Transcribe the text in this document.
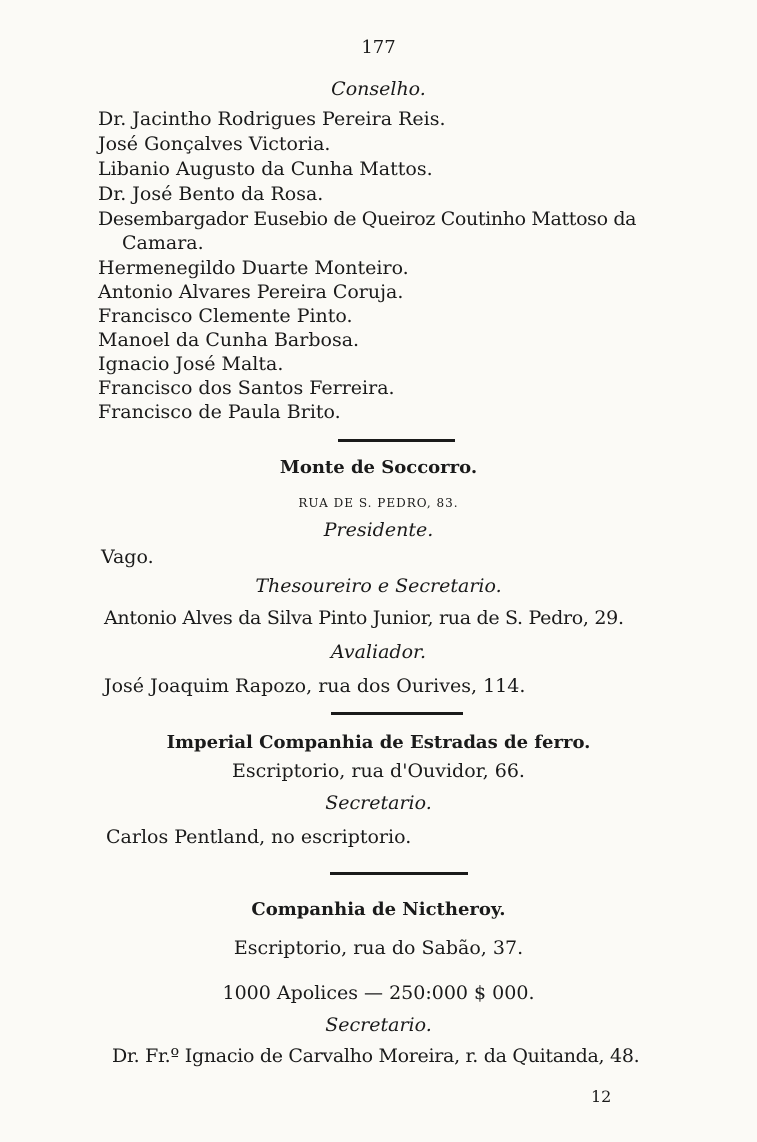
177
Conselho.
Dr. Jacintho Rodrigues Pereira Reis.
José Gonçalves Victoria.
Libanio Augusto da Cunha Mattos.
Dr. José Bento da Rosa.
Desembargador Eusebio de Queiroz Coutinho Mattoso da
Camara.
Hermenegildo Duarte Monteiro.
Antonio Alvares Pereira Coruja.
Francisco Clemente Pinto.
Manoel da Cunha Barbosa.
Ignacio José Malta.
Francisco dos Santos Ferreira.
Francisco de Paula Brito.
Monte de Soccorro.
RUA DE S. PEDRO, 83.
Presidente.
Vago.
Thesoureiro e Secretario.
Antonio Alves da Silva Pinto Junior, rua de S. Pedro, 29.
Avaliador.
José Joaquim Rapozo, rua dos Ourives, 114.
Imperial Companhia de Estradas de ferro.
Escriptorio, rua d'Ouvidor, 66.
Secretario.
Carlos Pentland, no escriptorio.
Companhia de Nictheroy.
Escriptorio, rua do Sabão, 37.
1000 Apolices — 250:000 $ 000.
Secretario.
Dr. Fr.º Ignacio de Carvalho Moreira, r. da Quitanda, 48.
12
